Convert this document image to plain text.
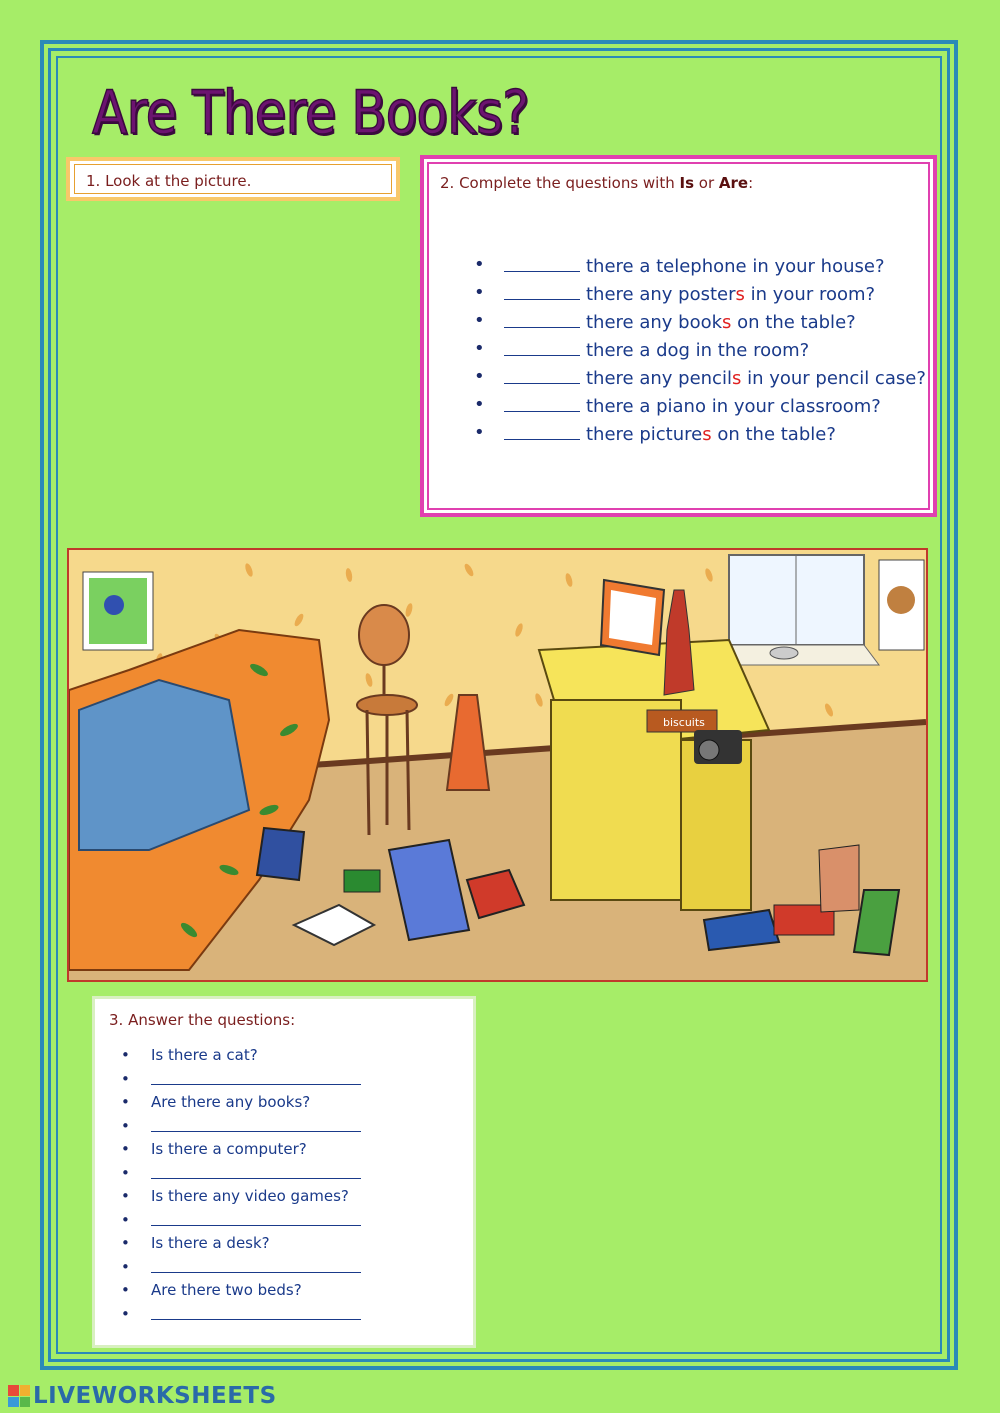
Are There Books?
1. Look at the picture.	2. Complete the questions with Is or Are:
• there a telephone in your house?
• there any posters in your room?
• there any books on the table?
• there a dog in the room?
• there any pencils in your pencil case?
• there a piano in your classroom?
• there pictures on the table?
biscuits
3. Answer the questions:
• Is there a cat?
•
• Are there any books?
•
• Is there a computer?
•
• Is there any video games?
•
• Is there a desk?
•
• Are there two beds?
•
LIVEWORKSHEETS
